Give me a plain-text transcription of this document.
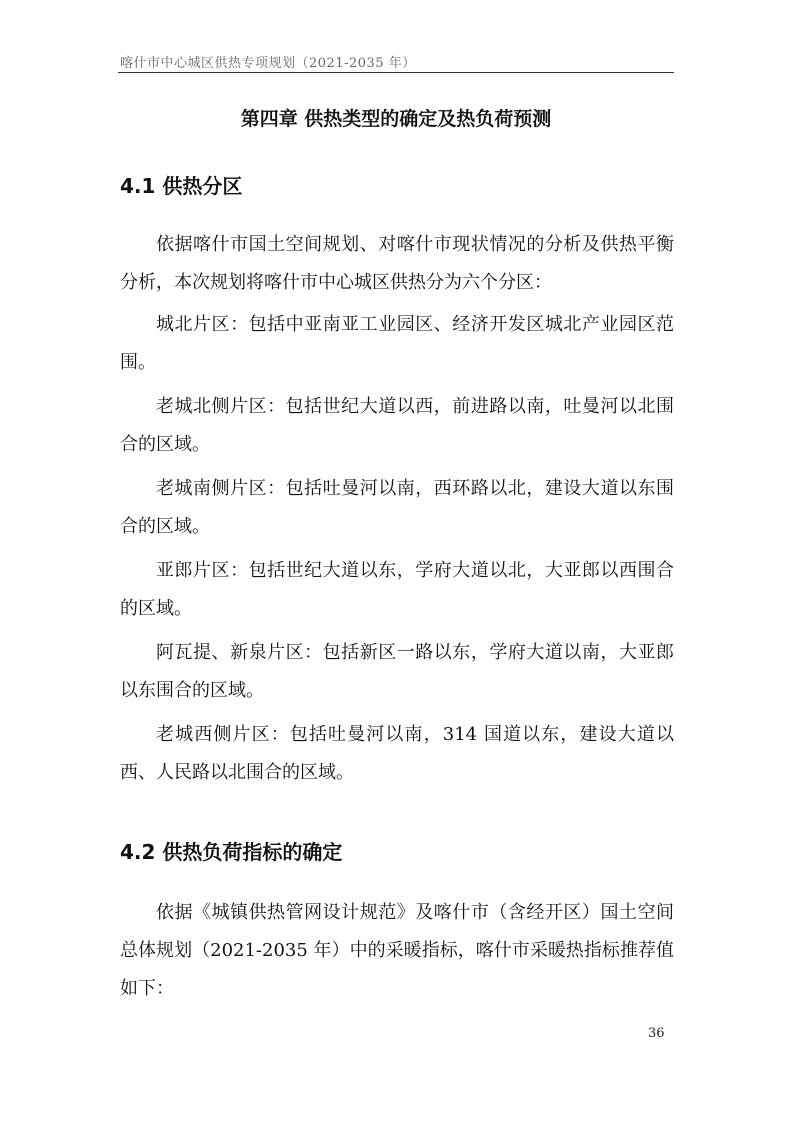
喀什市中心城区供热专项规划（2021-2035 年）
第四章 供热类型的确定及热负荷预测
4.1 供热分区

依据喀什市国土空间规划、对喀什市现状情况的分析及供热平衡分析，本次规划将喀什市中心城区供热分为六个分区：

城北片区：包括中亚南亚工业园区、经济开发区城北产业园区范围。

老城北侧片区：包括世纪大道以西，前进路以南，吐曼河以北围合的区域。

老城南侧片区：包括吐曼河以南，西环路以北，建设大道以东围合的区域。

亚郎片区：包括世纪大道以东，学府大道以北，大亚郎以西围合的区域。

阿瓦提、新泉片区：包括新区一路以东，学府大道以南，大亚郎以东围合的区域。

老城西侧片区：包括吐曼河以南，314 国道以东，建设大道以西、人民路以北围合的区域。

4.2 供热负荷指标的确定

依据《城镇供热管网设计规范》及喀什市（含经开区）国土空间总体规划（2021-2035 年）中的采暖指标，喀什市采暖热指标推荐值如下：

36
